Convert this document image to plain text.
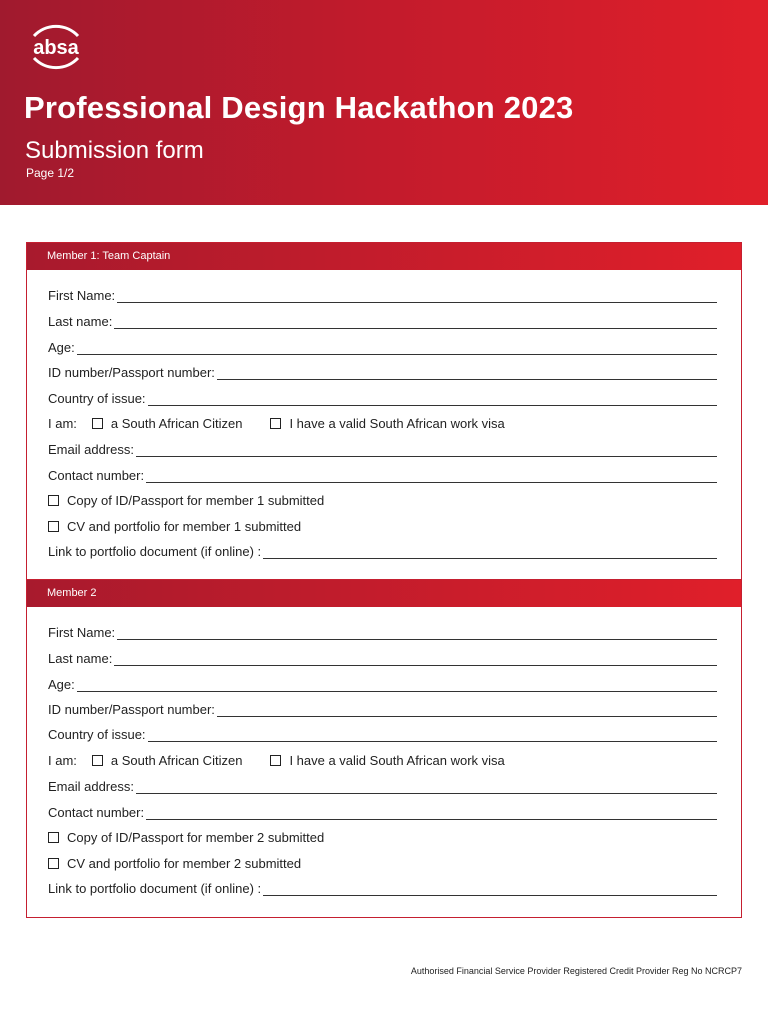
absa
Professional Design Hackathon 2023
Submission form
Page 1/2
Member 1: Team Captain
First Name:
Last name:
Age:
ID number/Passport number:
Country of issue:
I am:	a South African Citizen	I have a valid South African work visa
Email address:
Contact number:
Copy of ID/Passport for member 1 submitted
CV and portfolio for member 1 submitted
Link to portfolio document (if online) :
Member 2
First Name:
Last name:
Age:
ID number/Passport number:
Country of issue:
I am:	a South African Citizen	I have a valid South African work visa
Email address:
Contact number:
Copy of ID/Passport for member 2 submitted
CV and portfolio for member 2 submitted
Link to portfolio document (if online) :
Authorised Financial Service Provider Registered Credit Provider Reg No NCRCP7
